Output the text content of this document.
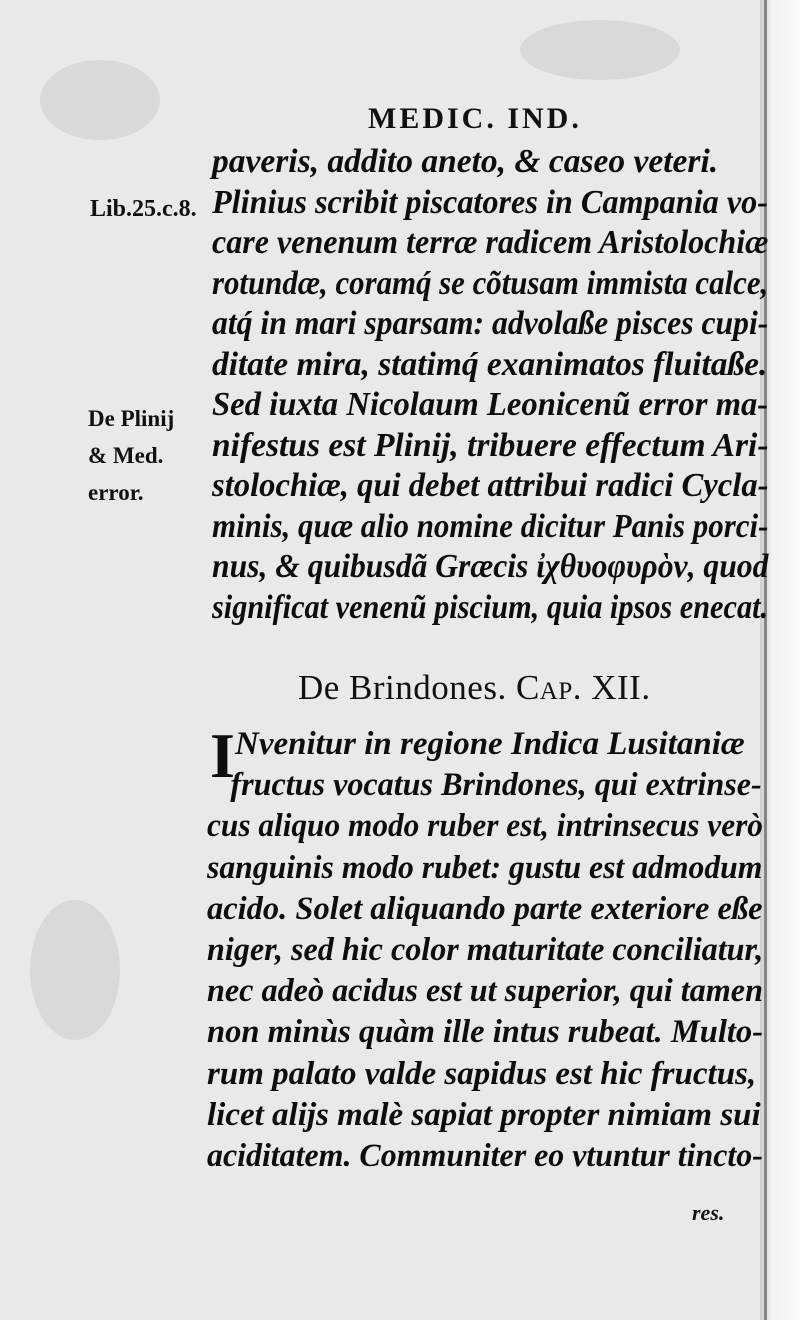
MEDIC. IND.
Lib.25.c.8.
De Plinij
& Med.
error.
paveris, addito aneto, & caseo veteri.
Plinius scribit piscatores in Campania vo-
care venenum terræ radicem Aristolochiæ
rotundæ, coramq́ se cõtusam immista calce,
atq́ in mari sparsam: advolaße pisces cupi-
ditate mira, statimq́ exanimatos fluitaße.
Sed iuxta Nicolaum Leonicenũ error ma-
nifestus est Plinij, tribuere effectum Ari-
stolochiæ, qui debet attribui radici Cycla-
minis, quæ alio nomine dicitur Panis porci-
nus, & quibusdã Græcis ἰχθυοφυρὸν, quod
significat venenũ piscium, quia ipsos enecat.
De Brindones. Cap. XII.
I Nvenitur in regione Indica Lusitaniæ
fructus vocatus Brindones, qui extrinse-
cus aliquo modo ruber est, intrinsecus verò
sanguinis modo rubet: gustu est admodum
acido. Solet aliquando parte exteriore eße
niger, sed hic color maturitate conciliatur,
nec adeò acidus est ut superior, qui tamen
non minùs quàm ille intus rubeat. Multo-
rum palato valde sapidus est hic fructus,
licet alijs malè sapiat propter nimiam sui
aciditatem. Communiter eo vtuntur tincto-
res.
